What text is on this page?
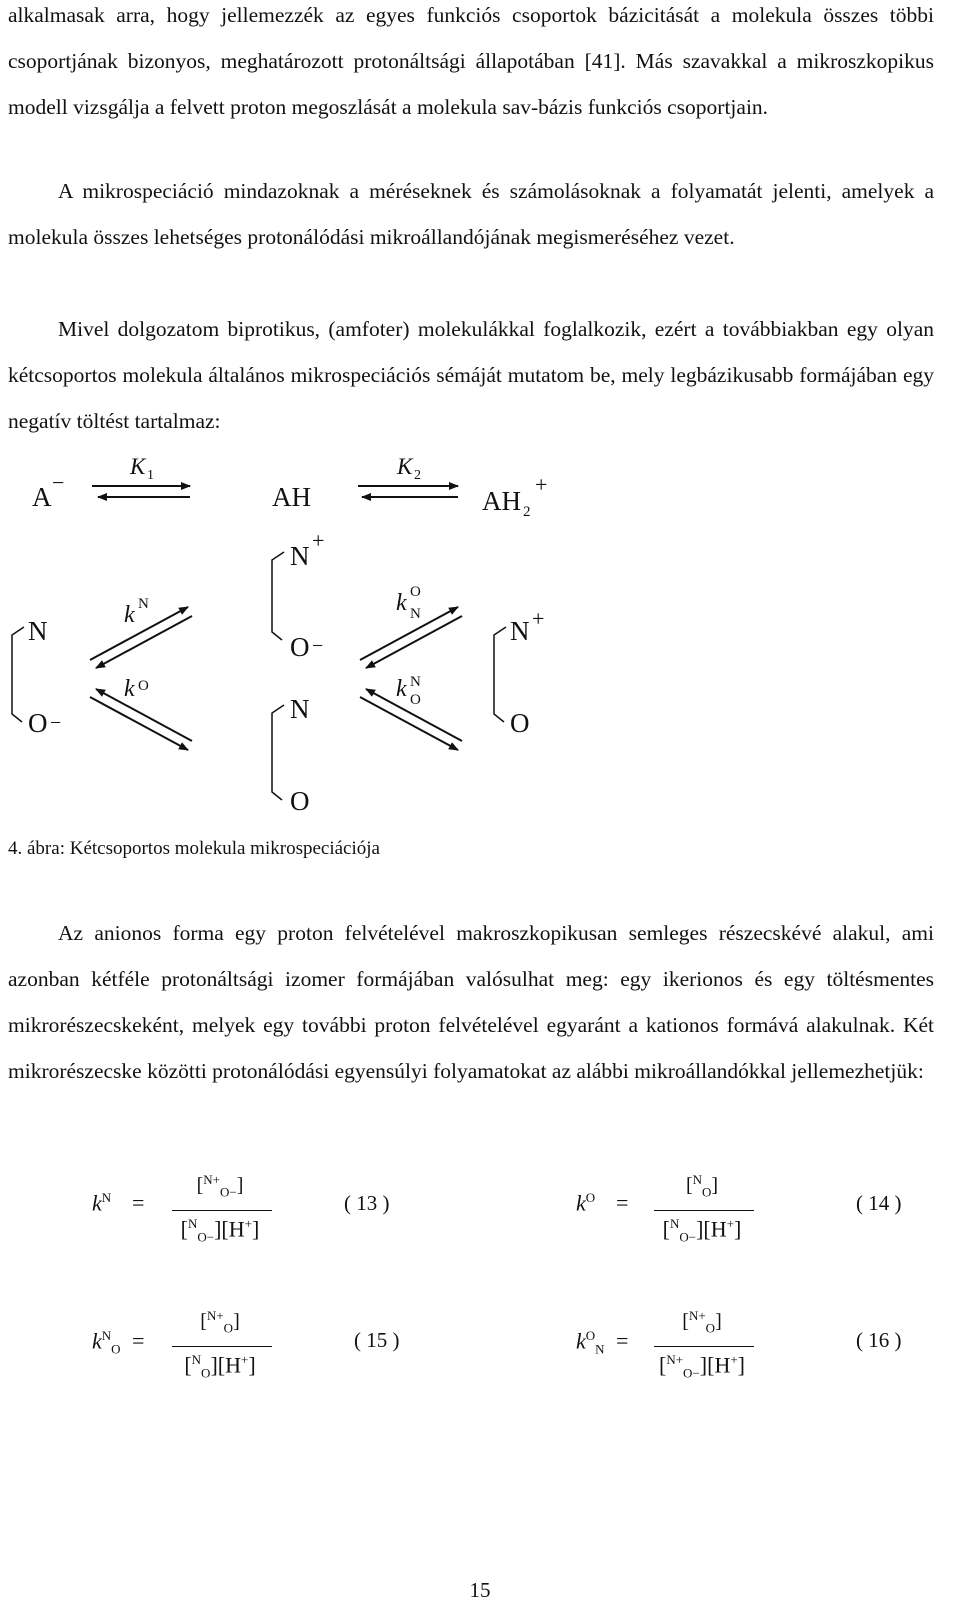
alkalmasak arra, hogy jellemezzék az egyes funkciós csoportok bázicitását a molekula összes többi csoportjának bizonyos, meghatározott protonáltsági állapotában [41]. Más szavakkal a mikroszkopikus modell vizsgálja a felvett proton megoszlását a molekula sav-bázis funkciós csoportjain.

A mikrospeciáció mindazoknak a méréseknek és számolásoknak a folyamatát jelenti, amelyek a molekula összes lehetséges protonálódási mikroállandójának megismeréséhez vezet.

Mivel dolgozatom biprotikus, (amfoter) molekulákkal foglalkozik, ezért a továbbiakban egy olyan kétcsoportos molekula általános mikrospeciációs sémáját mutatom be, mely legbázikusabb formájában egy negatív töltést tartalmaz:

A −
K 1
AH
K 2
AH 2
+
N
O −
N
+
O −
N
O
N +
O
k N
k O
k O
N
k N
O
4. ábra: Kétcsoportos molekula mikrospeciációja

Az anionos forma egy proton felvételével makroszkopikusan semleges részecskévé alakul, ami azonban kétféle protonáltsági izomer formájában valósulhat meg: egy ikerionos és egy töltésmentes mikrorészecskeként, melyek egy további proton felvételével egyaránt a kationos formává alakulnak. Két mikrorészecske közötti protonálódási egyensúlyi folyamatokat az alábbi mikroállandókkal jellemezhetjük:

$k^N$ =
[$^{N+}_{O-}$]
[$^N_{O-}$][H+]
( 13 )	$k^O$ =
[$^N_O$]
[$^N_{O-}$][H+]
( 14 )
$k^N_O$ =
[$^{N+}_O$]
[$^N_O$][H+]
( 15 )	$k^O_N$ =
[$^{N+}_O$]
[$^{N+}_{O-}$][H+]
( 16 )
15
